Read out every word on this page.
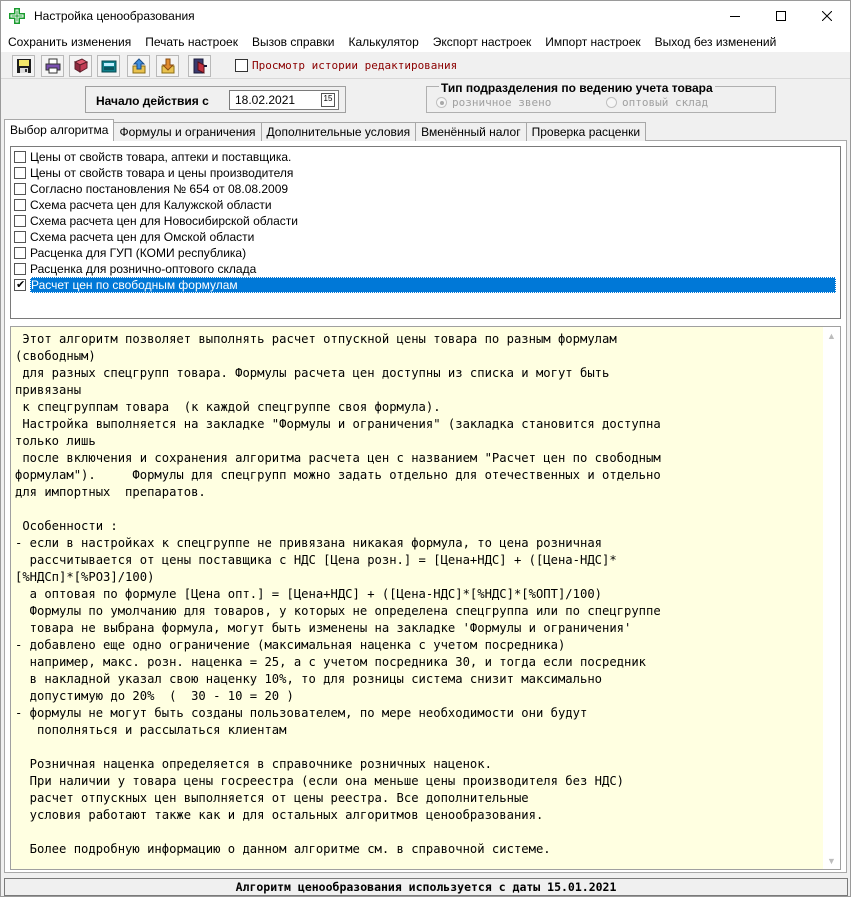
Настройка ценообразования
Сохранить изменения	Печать настроек	Вызов справки	Калькулятор	Экспорт настроек	Импорт настроек	Выход без изменений
Просмотр истории редактирования
Начало действия с	18.02.2021	15
Тип подразделения по ведению учета товара
розничное звено	оптовый склад
Выбор алгоритма Формулы и ограничения Дополнительные условия Вменённый налог Проверка расценки
Цены от свойств товара, аптеки и поставщика.
Цены от свойств товара и цены производителя
Согласно постановления № 654 от 08.08.2009
Схема расчета цен для Калужской области
Схема расчета цен для Новосибирской области
Схема расчета цен для Омской области
Расценка для ГУП (КОМИ республика)
Расценка для рознично-оптового склада
✔ Расчет цен по свободным формулам
Этот алгоритм позволяет выполнять расчет отпускной цены товара по разным формулам
(свободным)
для разных спецгрупп товара. Формулы расчета цен доступны из списка и могут быть
привязаны
к спецгруппам товара  (к каждой спецгруппе своя формула).
Настройка выполняется на закладке "Формулы и ограничения" (закладка становится доступна
только лишь
после включения и сохранения алгоритма расчета цен с названием "Расчет цен по свободным
формулам").     Формулы для спецгрупп можно задать отдельно для отечественных и отдельно
для импортных  препаратов.

Особенности :
- если в настройках к спецгруппе не привязана никакая формула, то цена розничная
рассчитывается от цены поставщика с НДС [Цена розн.] = [Цена+НДС] + ([Цена-НДС]*
[%НДСп]*[%РОЗ]/100)
а оптовая по формуле [Цена опт.] = [Цена+НДС] + ([Цена-НДС]*[%НДС]*[%ОПТ]/100)
Формулы по умолчанию для товаров, у которых не определена спецгруппа или по спецгруппе
товара не выбрана формула, могут быть изменены на закладке 'Формулы и ограничения'
- добавлено еще одно ограничение (максимальная наценка с учетом посредника)
например, макс. розн. наценка = 25, а с учетом посредника 30, и тогда если посредник
в накладной указал свою наценку 10%, то для розницы система снизит максимально
допустимую до 20%  (  30 - 10 = 20 )
- формулы не могут быть созданы пользователем, по мере необходимости они будут
пополняться и рассылаться клиентам

Розничная наценка определяется в справочнике розничных наценок.
При наличии у товара цены госреестра (если она меньше цены производителя без НДС)
расчет отпускных цен выполняется от цены реестра. Все дополнительные
условия работают также как и для остальных алгоритмов ценообразования.

Более подробную информацию о данном алгоритме см. в справочной системе.
▲
▼
Алгоритм ценообразования используется с даты 15.01.2021
